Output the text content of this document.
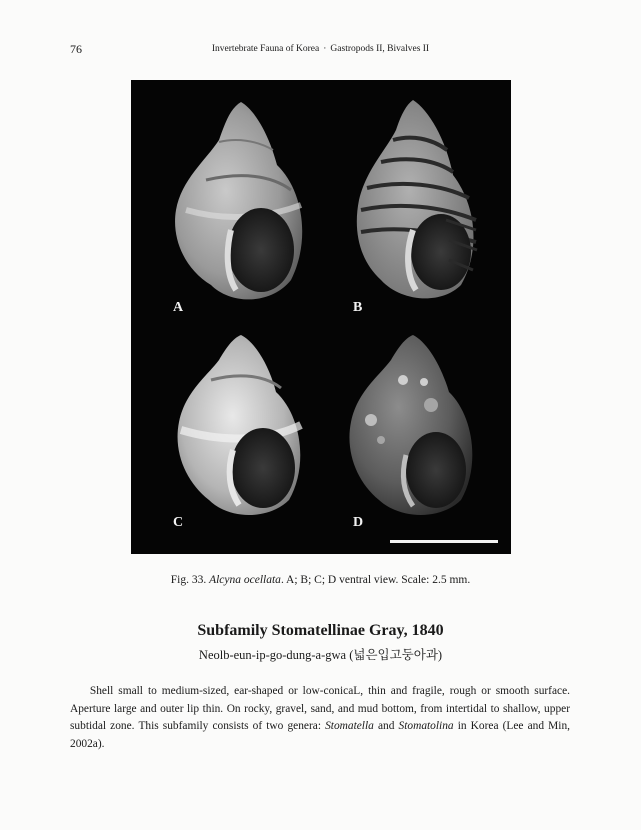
76	Invertebrate Fauna of Korea · Gastropods II, Bivalves II
A	B
C	D
Fig. 33. Alcyna ocellata. A; B; C; D ventral view. Scale: 2.5 mm.
Subfamily Stomatellinae Gray, 1840
Neolb-eun-ip-go-dung-a-gwa (넓은입고둥아과)
Shell small to medium-sized, ear-shaped or low-conicaL, thin and fragile, rough or smooth surface. Aperture large and outer lip thin. On rocky, gravel, sand, and mud bottom, from intertidal to shallow, upper subtidal zone. This subfamily consists of two genera: Stomatella and Stomatolina in Korea (Lee and Min, 2002a).
